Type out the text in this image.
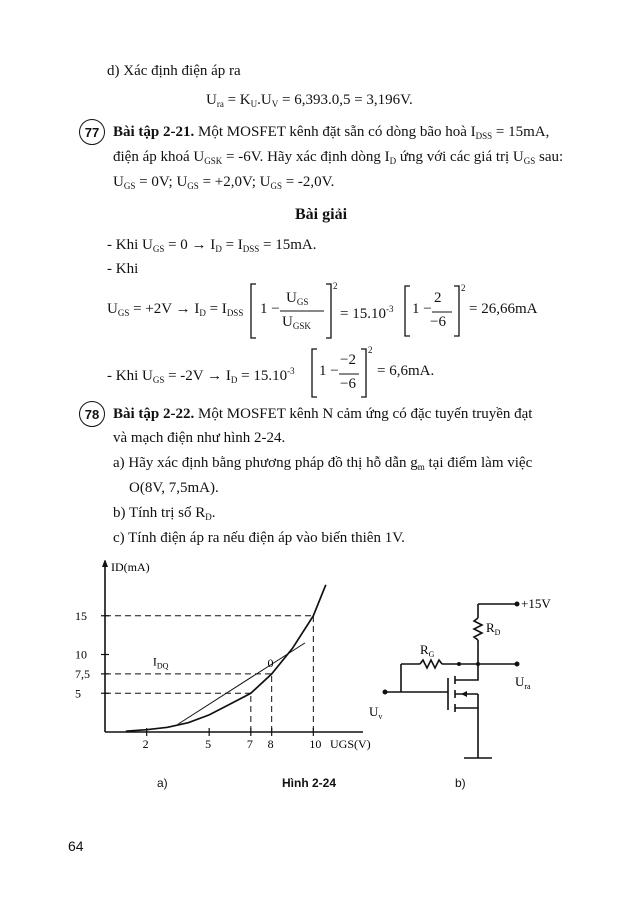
d) Xác định điện áp ra
$U_{ra} = K_U.U_V = 6,393.0,5 = 3,196V$.
77 Bài tập 2-21. Một MOSFET kênh đặt sẵn có dòng bão hoà $I_{DSS} = 15mA$,
điện áp khoá $U_{GSK} = -6V$. Hãy xác định dòng $I_D$ ứng với các giá trị $U_{GS}$ sau:
$U_{GS} = 0V$; $U_{GS} = +2,0V$; $U_{GS} = -2,0V$.
Bài giải
- Khi $U_{GS} = 0 \to I_D = I_{DSS} = 15mA$.
- Khi
$U_{GS} = +2V \to I_D = I_{DSS}$ 1 −
$U_{GS}$
$U_{GSK}$
2
= $15.10^{-3}$ 1 −
2
−6
2
= 26,66mA
- Khi $U_{GS} = -2V \to I_D = 15.10^{-3}$ 1 −
−2
−6
2
= 6,6mA.
78 Bài tập 2-22. Một MOSFET kênh N cảm ứng có đặc tuyến truyền đạt
và mạch điện như hình 2-24.
a) Hãy xác định bằng phương pháp đồ thị hỗ dẫn $g_m$ tại điểm làm việc
O(8V, 7,5mA).
b) Tính trị số $R_D$.
c) Tính điện áp ra nếu điện áp vào biến thiên 1V.
ID(mA)
UGS(V)
5
7,5
10
15
2	5	7 8	10
$I_{DQ}$	0
+15V
$R_D$
$R_G$
$U_v$
$U_{ra}$
a)	Hình 2-24	b)
64
